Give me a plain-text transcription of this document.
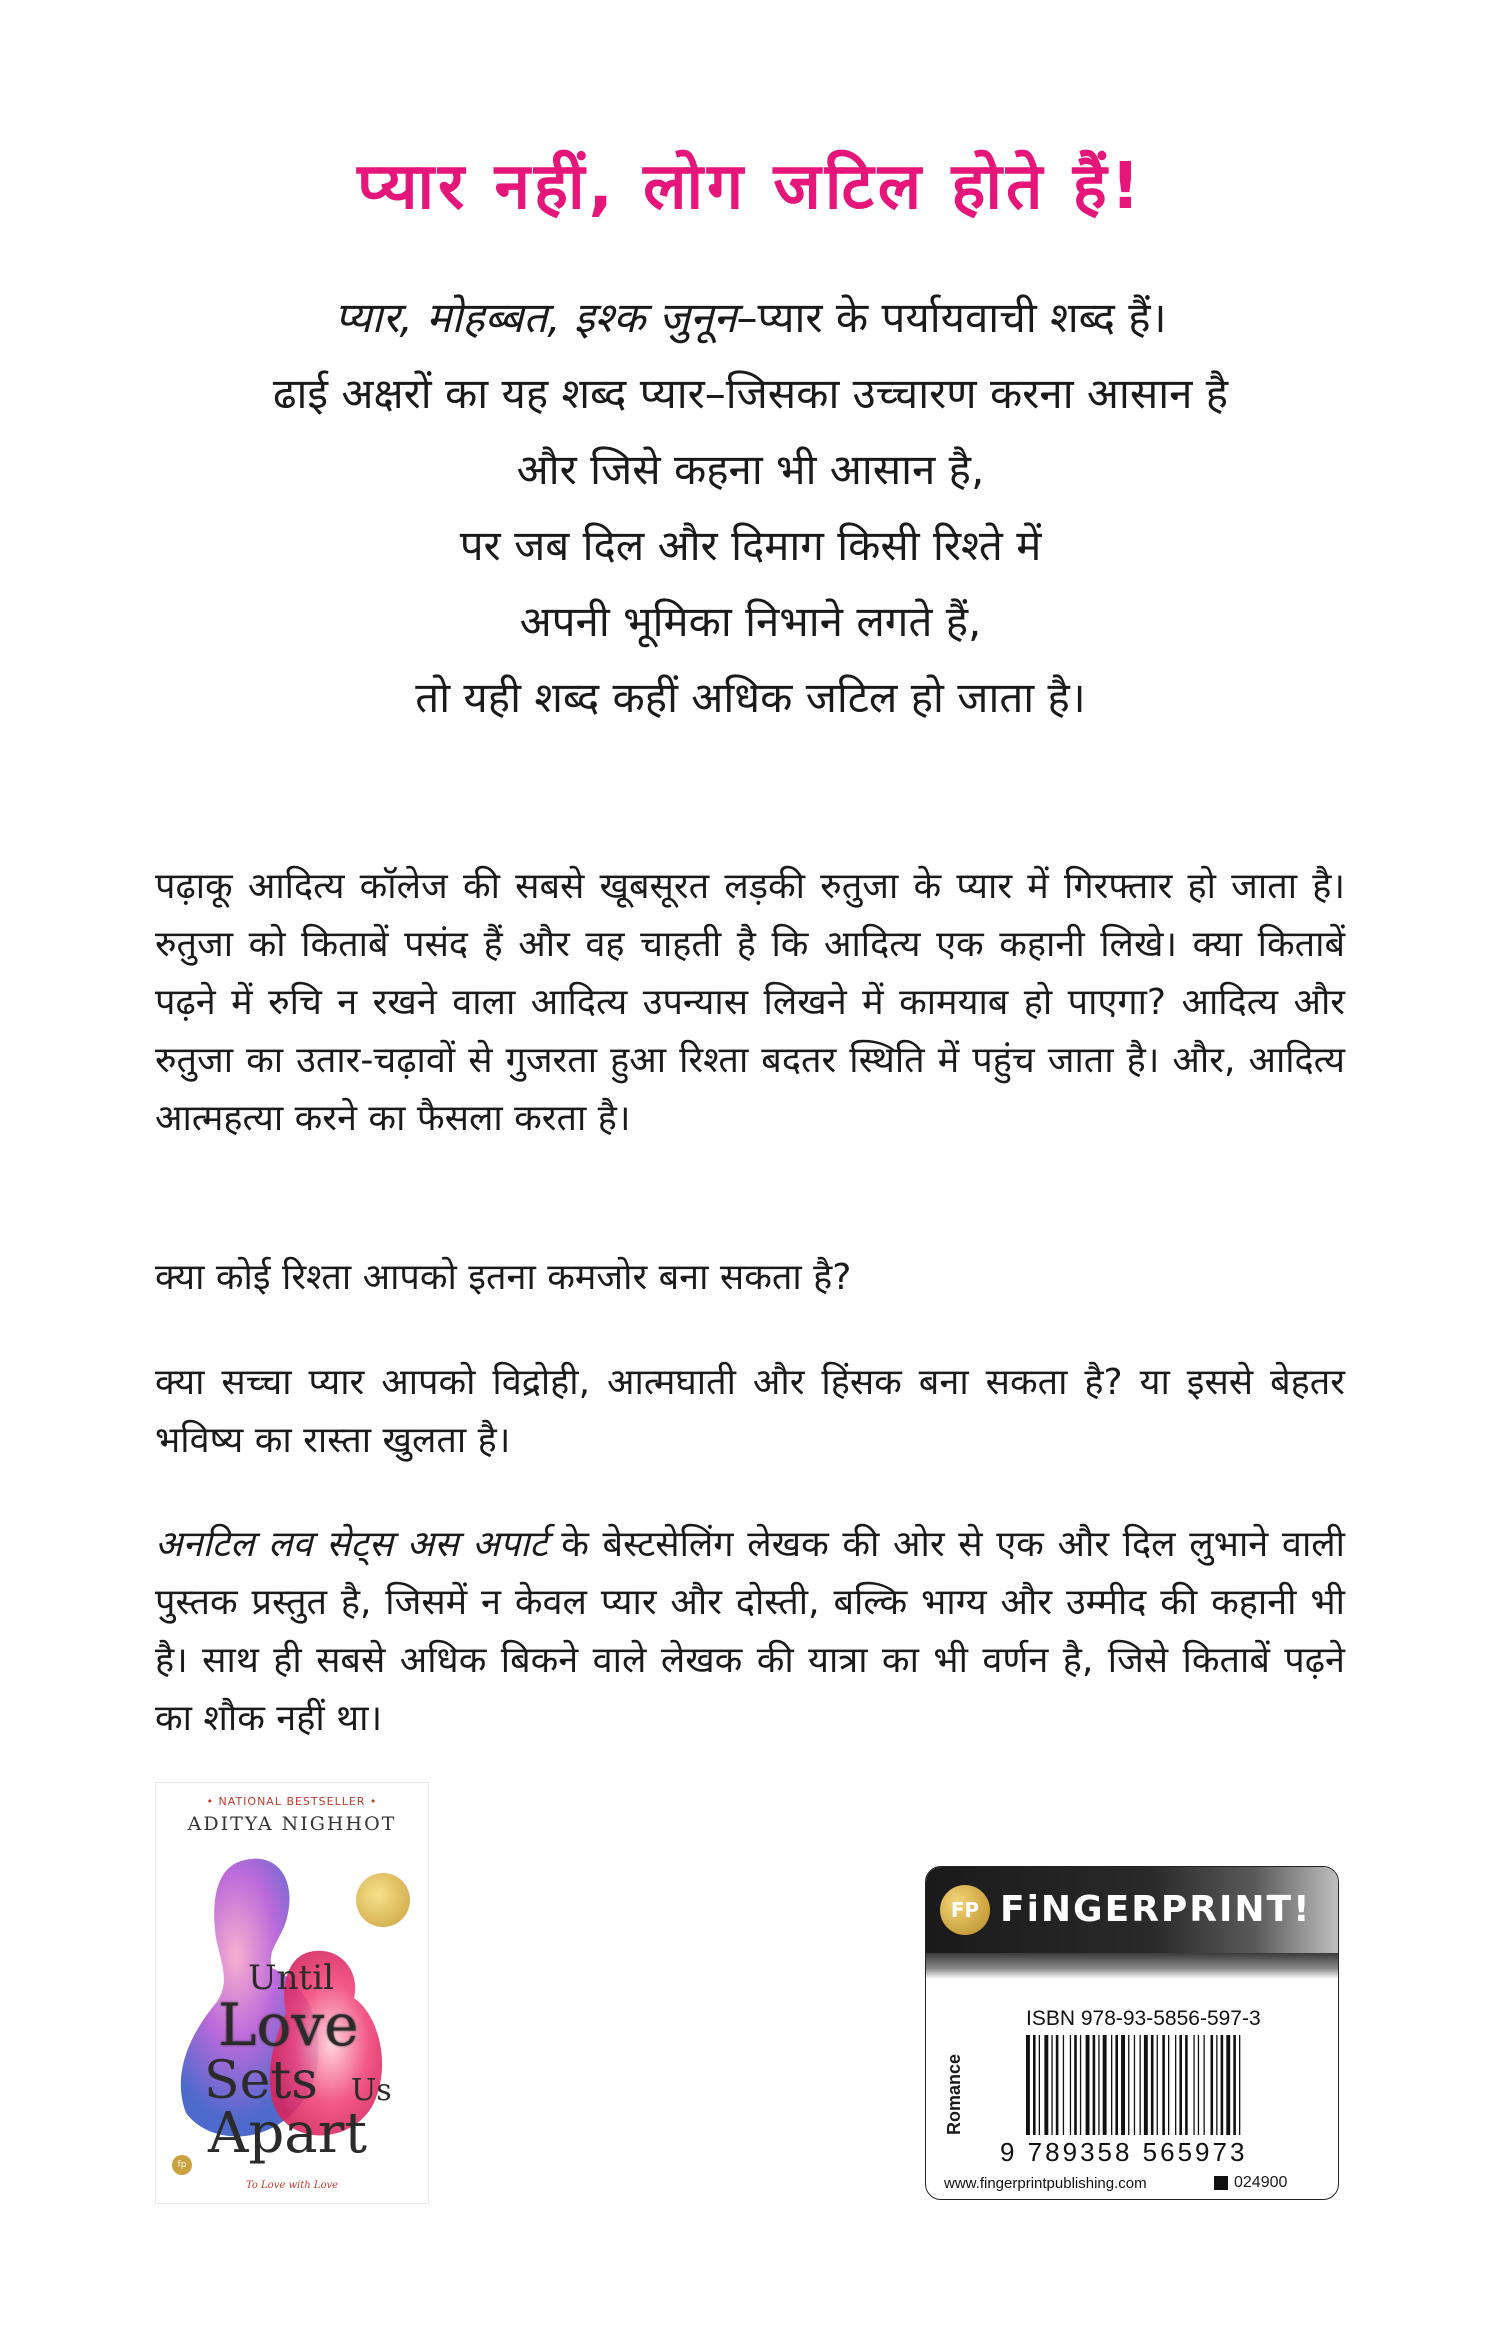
प्यार नहीं, लोग जटिल होते हैं!
प्यार, मोहब्बत, इश्क जुनून–प्यार के पर्यायवाची शब्द हैं।
ढाई अक्षरों का यह शब्द प्यार–जिसका उच्चारण करना आसान है
और जिसे कहना भी आसान है,
पर जब दिल और दिमाग किसी रिश्ते में
अपनी भूमिका निभाने लगते हैं,
तो यही शब्द कहीं अधिक जटिल हो जाता है।

पढ़ाकू आदित्य कॉलेज की सबसे खूबसूरत लड़की रुतुजा के प्यार में गिरफ्तार हो जाता है। रुतुजा को किताबें पसंद हैं और वह चाहती है कि आदित्य एक कहानी लिखे। क्या किताबें पढ़ने में रुचि न रखने वाला आदित्य उपन्यास लिखने में कामयाब हो पाएगा? आदित्य और रुतुजा का उतार-चढ़ावों से गुजरता हुआ रिश्ता बदतर स्थिति में पहुंच जाता है। और, आदित्य आत्महत्या करने का फैसला करता है।

क्या कोई रिश्ता आपको इतना कमजोर बना सकता है?

क्या सच्चा प्यार आपको विद्रोही, आत्मघाती और हिंसक बना सकता है? या इससे बेहतर भविष्य का रास्ता खुलता है।

अनटिल लव सेट्स अस अपार्ट के बेस्टसेलिंग लेखक की ओर से एक और दिल लुभाने वाली पुस्तक प्रस्तुत है, जिसमें न केवल प्यार और दोस्ती, बल्कि भाग्य और उम्मीद की कहानी भी है। साथ ही सबसे अधिक बिकने वाले लेखक की यात्रा का भी वर्णन है, जिसे किताबें पढ़ने का शौक नहीं था।

• NATIONAL BESTSELLER •
ADITYA NIGHHOT
Until
Love
Sets Us
Apart
fp
To Love with Love
FP FiNGERPRINT!
ISBN 978-93-5856-597-3
Romance
9 789358 565973
www.fingerprintpublishing.com	024900
